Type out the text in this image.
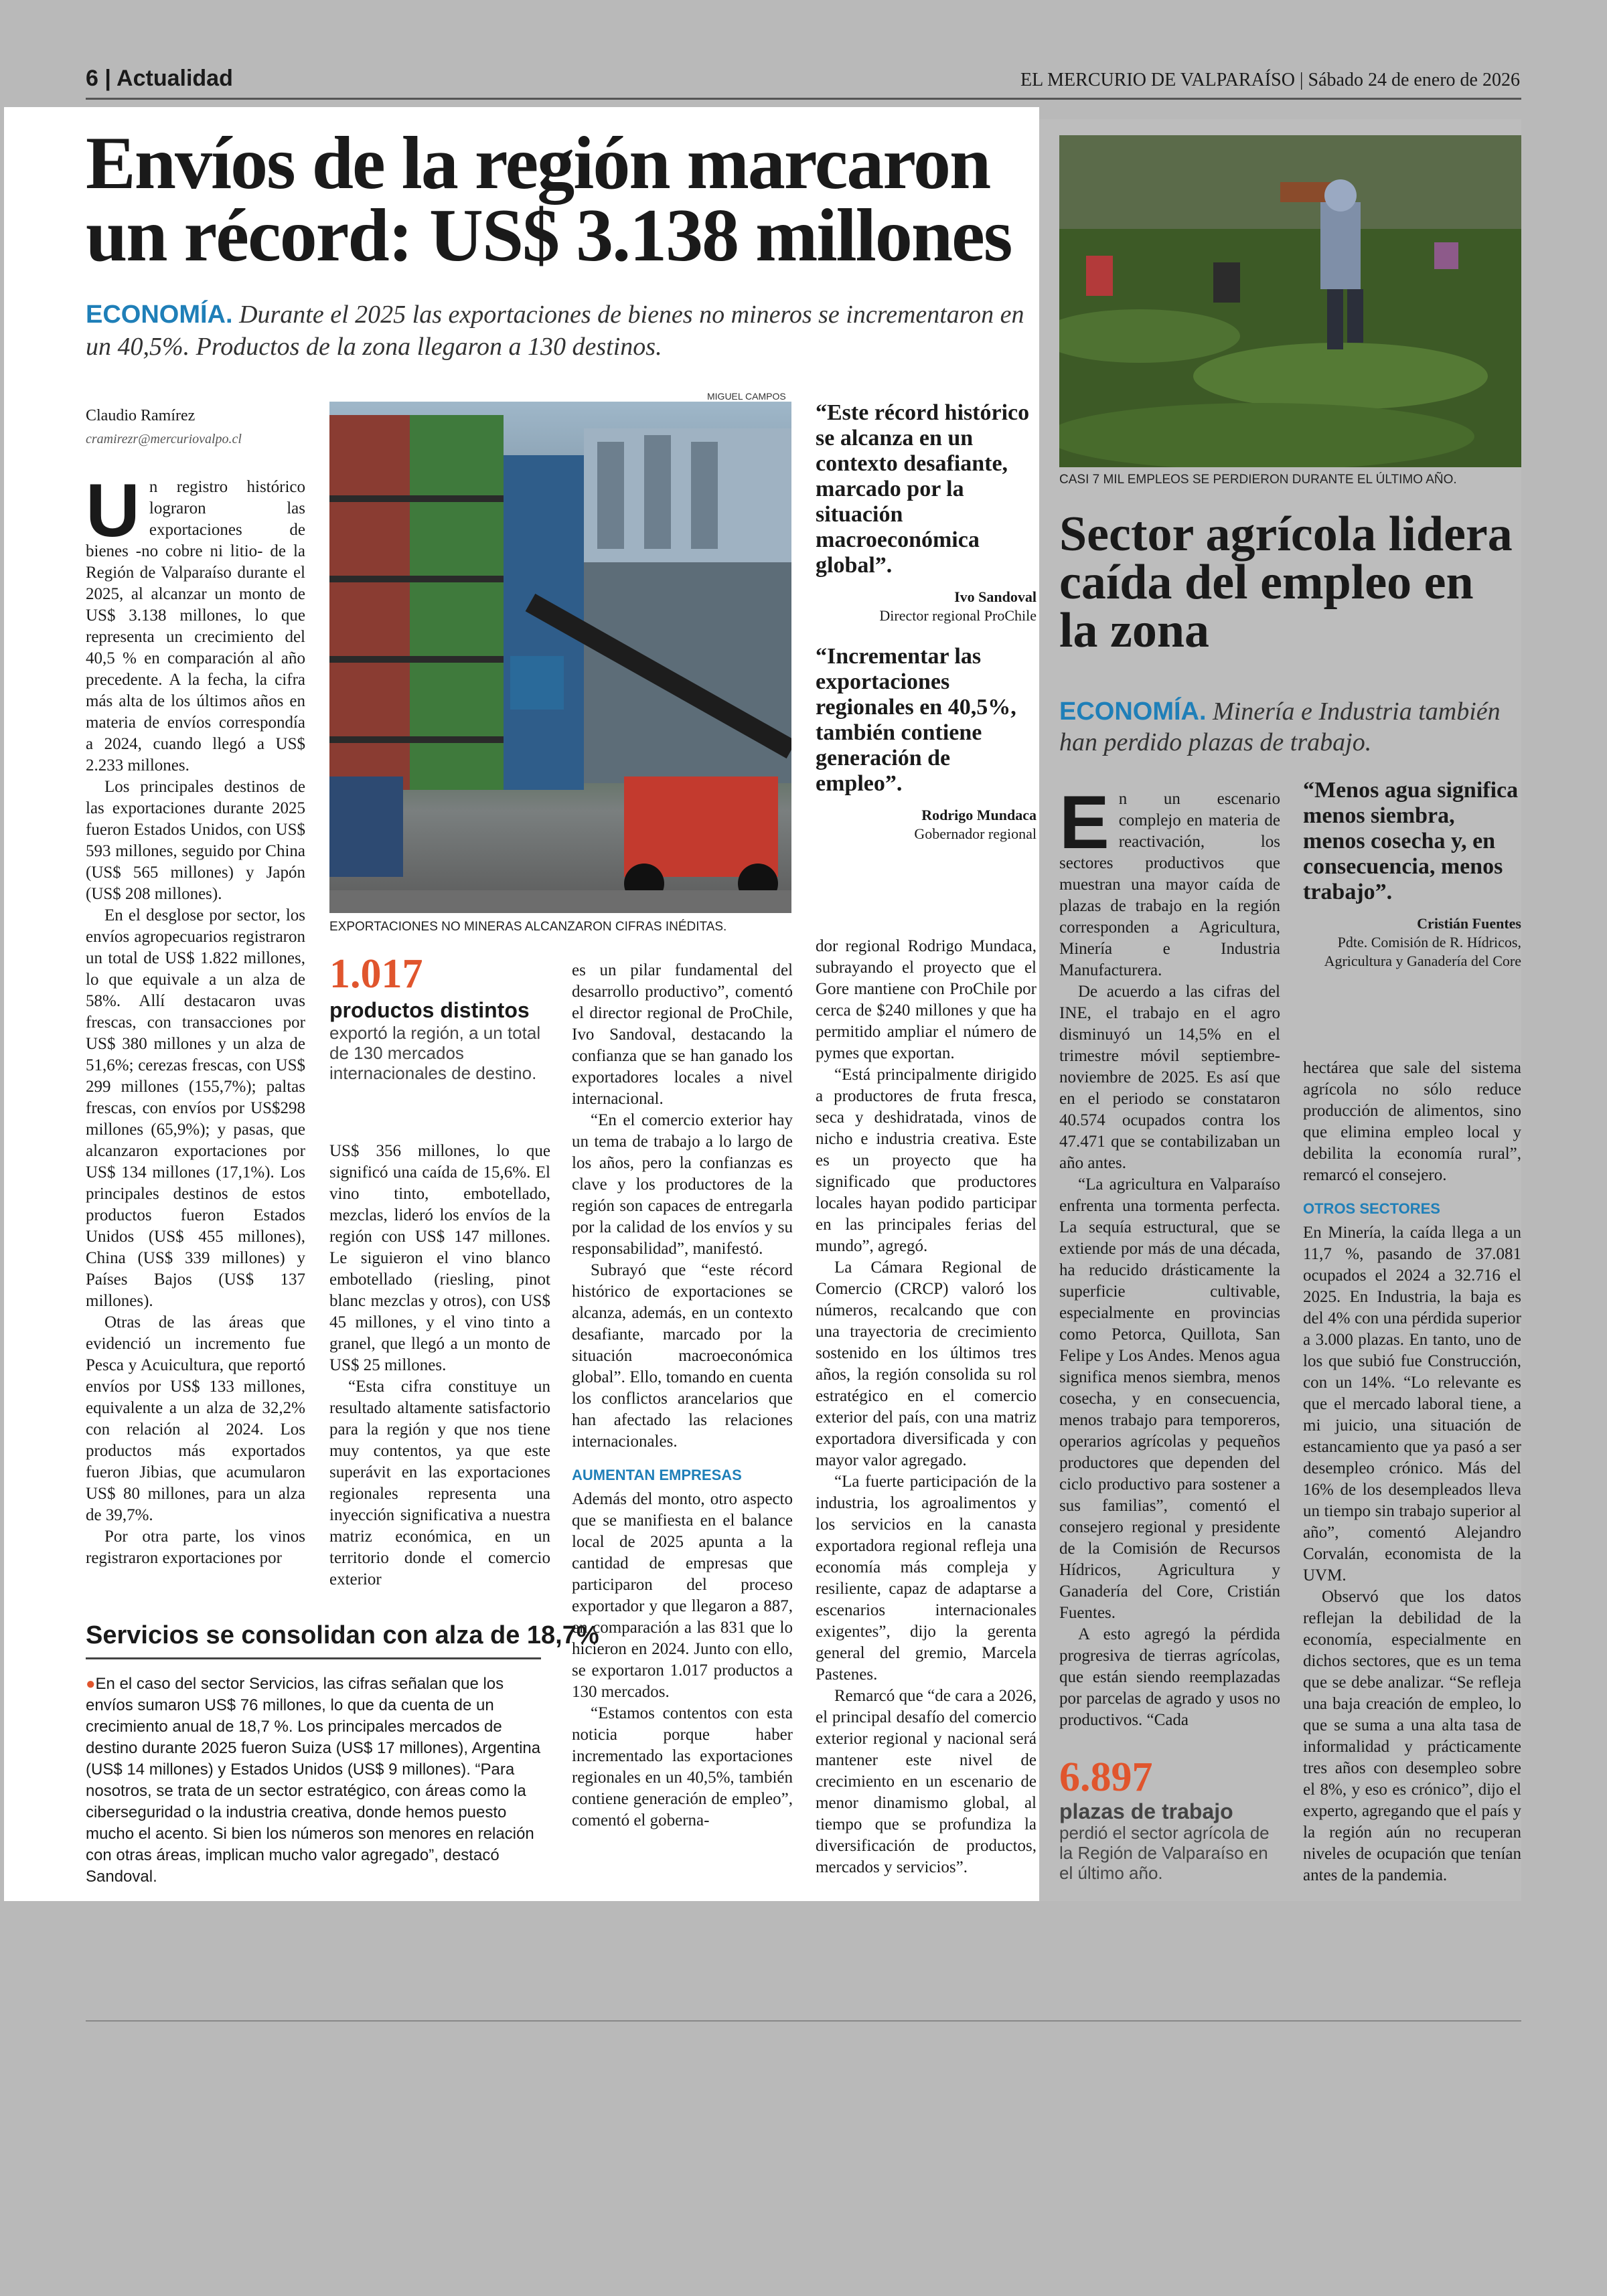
6 | Actualidad	EL MERCURIO DE VALPARAÍSO | Sábado 24 de enero de 2026
Envíos de la región marcaron un récord: US$ 3.138 millones
ECONOMÍA. Durante el 2025 las exportaciones de bienes no mineros se incrementaron en un 40,5%. Productos de la zona llegaron a 130 destinos.
Claudio Ramírez
cramirezr@mercuriovalpo.cl
U n registro histórico lograron las exportaciones de bienes -no cobre ni litio- de la Región de Valparaíso durante el 2025, al alcanzar un monto de US$ 3.138 millones, lo que representa un crecimiento del 40,5 % en comparación al año precedente. A la fecha, la cifra más alta de los últimos años en materia de envíos correspondía a 2024, cuando llegó a US$ 2.233 millones.

Los principales destinos de las exportaciones durante 2025 fueron Estados Unidos, con US$ 593 millones, seguido por China (US$ 565 millones) y Japón (US$ 208 millones).

En el desglose por sector, los envíos agropecuarios registraron un total de US$ 1.822 millones, lo que equivale a un alza de 58%. Allí destacaron uvas frescas, con transacciones por US$ 380 millones y un alza de 51,6%; cerezas frescas, con US$ 299 millones (155,7%); paltas frescas, con envíos por US$298 millones (65,9%); y pasas, que alcanzaron exportaciones por US$ 134 millones (17,1%). Los principales destinos de estos productos fueron Estados Unidos (US$ 455 millones), China (US$ 339 millones) y Países Bajos (US$ 137 millones).

Otras de las áreas que evidenció un incremento fue Pesca y Acuicultura, que reportó envíos por US$ 133 millones, equivalente a un alza de 32,2% con relación al 2024. Los productos más exportados fueron Jibias, que acumularon US$ 80 millones, para un alza de 39,7%.

Por otra parte, los vinos registraron exportaciones por

MIGUEL CAMPOS
EXPORTACIONES NO MINERAS ALCANZARON CIFRAS INÉDITAS.
“Este récord histórico se alcanza en un contexto desafiante, marcado por la situación macroeconómica global”.
Ivo Sandoval
Director regional ProChile
“Incrementar las exportaciones regionales en 40,5%, también contiene generación de empleo”.
Rodrigo Mundaca
Gobernador regional
1.017
productos distintos
exportó la región, a un total de 130 mercados internacionales de destino.

US$ 356 millones, lo que significó una caída de 15,6%. El vino tinto, embotellado, mezclas, lideró los envíos de la región con US$ 147 millones. Le siguieron el vino blanco embotellado (riesling, pinot blanc mezclas y otros), con US$ 45 millones, y el vino tinto a granel, que llegó a un monto de US$ 25 millones.

“Esta cifra constituye un resultado altamente satisfactorio para la región y que nos tiene muy contentos, ya que este superávit en las exportaciones regionales representa una inyección significativa a nuestra matriz económica, en un territorio donde el comercio exterior

es un pilar fundamental del desarrollo productivo”, comentó el director regional de ProChile, Ivo Sandoval, destacando la confianza que se han ganado los exportadores locales a nivel internacional.

“En el comercio exterior hay un tema de trabajo a lo largo de los años, pero la confianzas es clave y los productores de la región son capaces de entregarla por la calidad de los envíos y su responsabilidad”, manifestó.

Subrayó que “este récord histórico de exportaciones se alcanza, además, en un contexto desafiante, marcado por la situación macroeconómica global”. Ello, tomando en cuenta los conflictos arancelarios que han afectado las relaciones internacionales.

AUMENTAN EMPRESAS

Además del monto, otro aspecto que se manifiesta en el balance local de 2025 apunta a la cantidad de empresas que participaron del proceso exportador y que llegaron a 887, en comparación a las 831 que lo hicieron en 2024. Junto con ello, se exportaron 1.017 productos a 130 mercados.

“Estamos contentos con esta noticia porque haber incrementado las exportaciones regionales en un 40,5%, también contiene generación de empleo”, comentó el goberna-

dor regional Rodrigo Mundaca, subrayando el proyecto que el Gore mantiene con ProChile por cerca de $240 millones y que ha permitido ampliar el número de pymes que exportan.

“Está principalmente dirigido a productores de fruta fresca, seca y deshidratada, vinos de nicho e industria creativa. Este es un proyecto que ha significado que productores locales hayan podido participar en las principales ferias del mundo”, agregó.

La Cámara Regional de Comercio (CRCP) valoró los números, recalcando que con una trayectoria de crecimiento sostenido en los últimos tres años, la región consolida su rol estratégico en el comercio exterior del país, con una matriz exportadora diversificada y con mayor valor agregado.

“La fuerte participación de la industria, los agroalimentos y los servicios en la canasta exportadora regional refleja una economía más compleja y resiliente, capaz de adaptarse a escenarios internacionales exigentes”, dijo la gerenta general del gremio, Marcela Pastenes.

Remarcó que “de cara a 2026, el principal desafío del comercio exterior regional y nacional será mantener este nivel de crecimiento en un escenario de menor dinamismo global, al tiempo que se profundiza la diversificación de productos, mercados y servicios”.

Servicios se consolidan con alza de 18,7%
●En el caso del sector Servicios, las cifras señalan que los envíos sumaron US$ 76 millones, lo que da cuenta de un crecimiento anual de 18,7 %. Los principales mercados de destino durante 2025 fueron Suiza (US$ 17 millones), Argentina (US$ 14 millones) y Estados Unidos (US$ 9 millones). “Para nosotros, se trata de un sector estratégico, con áreas como la ciberseguridad o la industria creativa, donde hemos puesto mucho el acento. Si bien los números son menores en relación con otras áreas, implican mucho valor agregado”, destacó Sandoval.
CASI 7 MIL EMPLEOS SE PERDIERON DURANTE EL ÚLTIMO AÑO.
Sector agrícola lidera caída del empleo en la zona
ECONOMÍA. Minería e Industria también han perdido plazas de trabajo.
E n un escenario complejo en materia de reactivación, los sectores productivos que muestran una mayor caída de plazas de trabajo en la región corresponden a Agricultura, Minería e Industria Manufacturera.

De acuerdo a las cifras del INE, el trabajo en el agro disminuyó un 14,5% en el trimestre móvil septiembre-noviembre de 2025. Es así que en el periodo se constataron 40.574 ocupados contra los 47.471 que se contabilizaban un año antes.

“La agricultura en Valparaíso enfrenta una tormenta perfecta. La sequía estructural, que se extiende por más de una década, ha reducido drásticamente la superficie cultivable, especialmente en provincias como Petorca, Quillota, San Felipe y Los Andes. Menos agua significa menos siembra, menos cosecha, y en consecuencia, menos trabajo para temporeros, operarios agrícolas y pequeños productores que dependen del ciclo productivo para sostener a sus familias”, comentó el consejero regional y presidente de la Comisión de Recursos Hídricos, Agricultura y Ganadería del Core, Cristián Fuentes.

A esto agregó la pérdida progresiva de tierras agrícolas, que están siendo reemplazadas por parcelas de agrado y usos no productivos. “Cada

6.897
plazas de trabajo perdió el sector agrícola de la Región de Valparaíso en el último año.
“Menos agua significa menos siembra, menos cosecha y, en consecuencia, menos trabajo”.
Cristián Fuentes
Pdte. Comisión de R. Hídricos, Agricultura y Ganadería del Core

hectárea que sale del sistema agrícola no sólo reduce producción de alimentos, sino que elimina empleo local y debilita la economía rural”, remarcó el consejero.

OTROS SECTORES

En Minería, la caída llega a un 11,7 %, pasando de 37.081 ocupados el 2024 a 32.716 el 2025. En Industria, la baja es del 4% con una pérdida superior a 3.000 plazas. En tanto, uno de los que subió fue Construcción, con un 14%. “Lo relevante es que el mercado laboral tiene, a mi juicio, una situación de estancamiento que ya pasó a ser desempleo crónico. Más del 16% de los desempleados lleva un tiempo sin trabajo superior al año”, comentó Alejandro Corvalán, economista de la UVM.

Observó que los datos reflejan la debilidad de la economía, especialmente en dichos sectores, que es un tema que se debe analizar. “Se refleja una baja creación de empleo, lo que se suma a una alta tasa de informalidad y prácticamente tres años con desempleo sobre el 8%, y eso es crónico”, dijo el experto, agregando que el país y la región aún no recuperan niveles de ocupación que tenían antes de la pandemia.
